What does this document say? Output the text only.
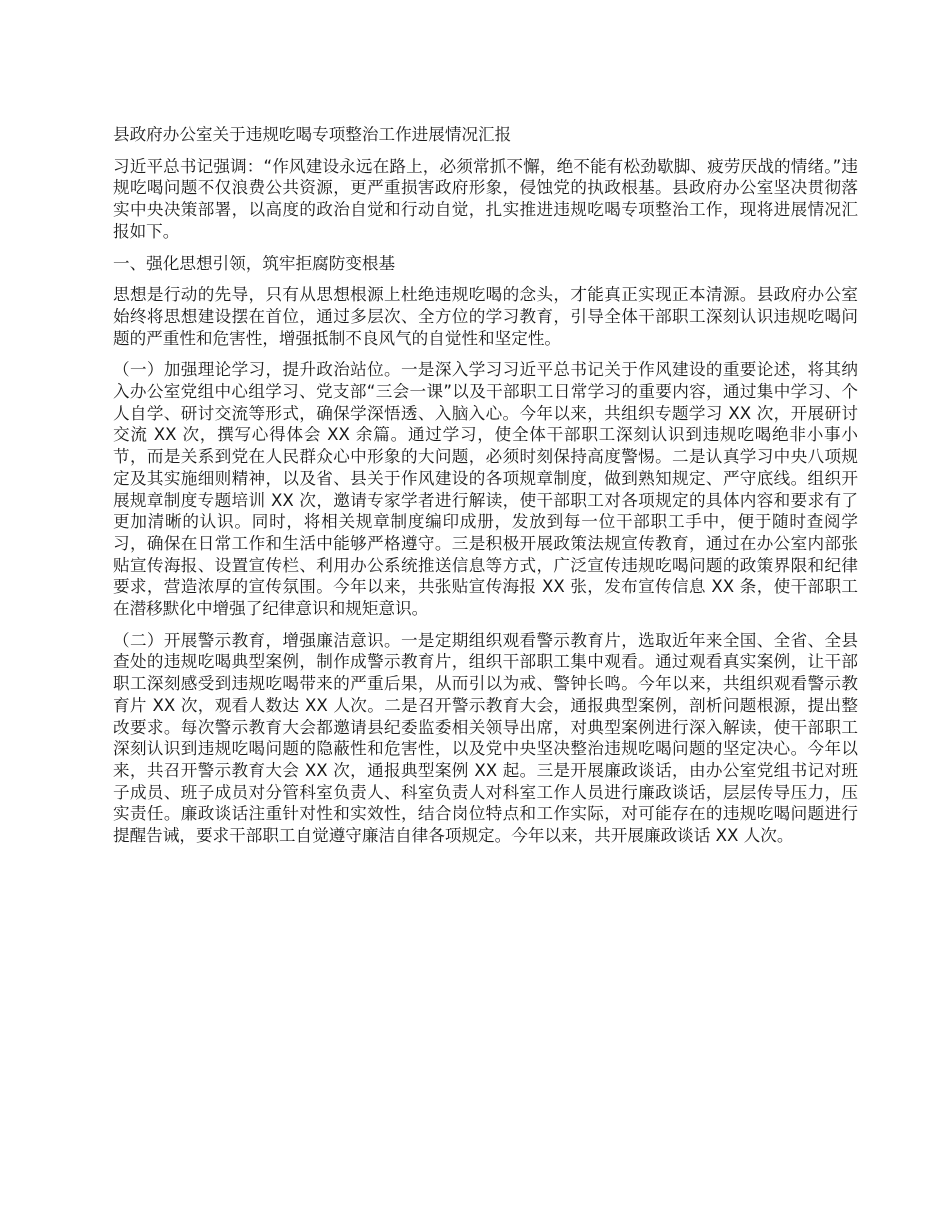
县政府办公室关于违规吃喝专项整治工作进展情况汇报

习近平总书记强调：“作风建设永远在路上，必须常抓不懈，绝不能有松劲歇脚、疲劳厌战的情绪。”违规吃喝问题不仅浪费公共资源，更严重损害政府形象，侵蚀党的执政根基。县政府办公室坚决贯彻落实中央决策部署，以高度的政治自觉和行动自觉，扎实推进违规吃喝专项整治工作，现将进展情况汇报如下。

一、强化思想引领，筑牢拒腐防变根基

思想是行动的先导，只有从思想根源上杜绝违规吃喝的念头，才能真正实现正本清源。县政府办公室始终将思想建设摆在首位，通过多层次、全方位的学习教育，引导全体干部职工深刻认识违规吃喝问题的严重性和危害性，增强抵制不良风气的自觉性和坚定性。

（一）加强理论学习，提升政治站位。一是深入学习习近平总书记关于作风建设的重要论述，将其纳入办公室党组中心组学习、党支部“三会一课”以及干部职工日常学习的重要内容，通过集中学习、个人自学、研讨交流等形式，确保学深悟透、入脑入心。今年以来，共组织专题学习 XX 次，开展研讨交流 XX 次，撰写心得体会 XX 余篇。通过学习，使全体干部职工深刻认识到违规吃喝绝非小事小节，而是关系到党在人民群众心中形象的大问题，必须时刻保持高度警惕。二是认真学习中央八项规定及其实施细则精神，以及省、县关于作风建设的各项规章制度，做到熟知规定、严守底线。组织开展规章制度专题培训 XX 次，邀请专家学者进行解读，使干部职工对各项规定的具体内容和要求有了更加清晰的认识。同时，将相关规章制度编印成册，发放到每一位干部职工手中，便于随时查阅学习，确保在日常工作和生活中能够严格遵守。三是积极开展政策法规宣传教育，通过在办公室内部张贴宣传海报、设置宣传栏、利用办公系统推送信息等方式，广泛宣传违规吃喝问题的政策界限和纪律要求，营造浓厚的宣传氛围。今年以来，共张贴宣传海报 XX 张，发布宣传信息 XX 条，使干部职工在潜移默化中增强了纪律意识和规矩意识。

（二）开展警示教育，增强廉洁意识。一是定期组织观看警示教育片，选取近年来全国、全省、全县查处的违规吃喝典型案例，制作成警示教育片，组织干部职工集中观看。通过观看真实案例，让干部职工深刻感受到违规吃喝带来的严重后果，从而引以为戒、警钟长鸣。今年以来，共组织观看警示教育片 XX 次，观看人数达 XX 人次。二是召开警示教育大会，通报典型案例，剖析问题根源，提出整改要求。每次警示教育大会都邀请县纪委监委相关领导出席，对典型案例进行深入解读，使干部职工深刻认识到违规吃喝问题的隐蔽性和危害性，以及党中央坚决整治违规吃喝问题的坚定决心。今年以来，共召开警示教育大会 XX 次，通报典型案例 XX 起。三是开展廉政谈话，由办公室党组书记对班子成员、班子成员对分管科室负责人、科室负责人对科室工作人员进行廉政谈话，层层传导压力，压实责任。廉政谈话注重针对性和实效性，结合岗位特点和工作实际，对可能存在的违规吃喝问题进行提醒告诫，要求干部职工自觉遵守廉洁自律各项规定。今年以来，共开展廉政谈话 XX 人次。
